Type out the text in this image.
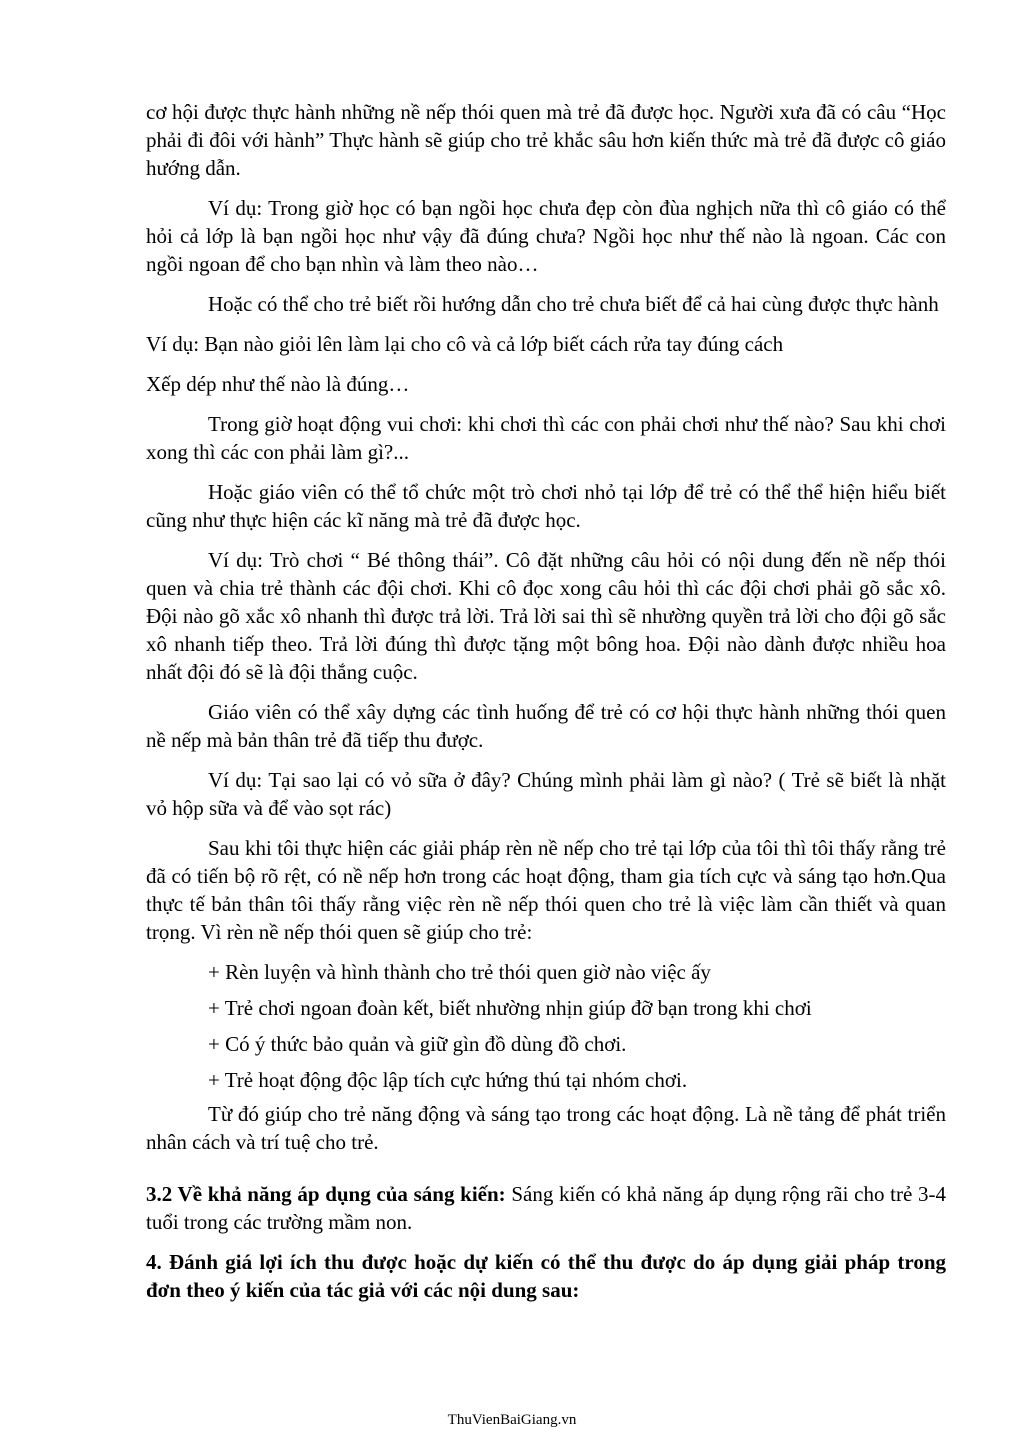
cơ hội được thực hành những nề nếp thói quen mà trẻ đã được học. Người xưa đã có câu “Học phải đi đôi với hành” Thực hành sẽ giúp cho trẻ khắc sâu hơn kiến thức mà trẻ đã được cô giáo hướng dẫn.

Ví dụ: Trong giờ học có bạn ngồi học chưa đẹp còn đùa nghịch nữa thì cô giáo có thể hỏi cả lớp là bạn ngồi học như vậy đã đúng chưa? Ngồi học như thế nào là ngoan. Các con ngồi ngoan để cho bạn nhìn và làm theo nào…

Hoặc có thể cho trẻ biết rồi hướng dẫn cho trẻ chưa biết để cả hai cùng được thực hành

Ví dụ: Bạn nào giỏi lên làm lại cho cô và cả lớp biết cách rửa tay đúng cách

Xếp dép như thế nào là đúng…

Trong giờ hoạt động vui chơi: khi chơi thì các con phải chơi như thế nào? Sau khi chơi xong thì các con phải làm gì?...

Hoặc giáo viên có thể tổ chức một trò chơi nhỏ tại lớp để trẻ có thể thể hiện hiểu biết cũng như thực hiện các kĩ năng mà trẻ đã được học.

Ví dụ: Trò chơi “ Bé thông thái”. Cô đặt những câu hỏi có nội dung đến nề nếp thói quen và chia trẻ thành các đội chơi. Khi cô đọc xong câu hỏi thì các đội chơi phải gõ sắc xô. Đội nào gõ xắc xô nhanh thì được trả lời. Trả lời sai thì sẽ nhường quyền trả lời cho đội gõ sắc xô nhanh tiếp theo. Trả lời đúng thì được tặng một bông hoa. Đội nào dành được nhiều hoa nhất đội đó sẽ là đội thắng cuộc.

Giáo viên có thể xây dựng các tình huống để trẻ có cơ hội thực hành những thói quen nề nếp mà bản thân trẻ đã tiếp thu được.

Ví dụ: Tại sao lại có vỏ sữa ở đây? Chúng mình phải làm gì nào? ( Trẻ sẽ biết là nhặt vỏ hộp sữa và để vào sọt rác)

Sau khi tôi thực hiện các giải pháp rèn nề nếp cho trẻ tại lớp của tôi thì tôi thấy rằng trẻ đã có tiến bộ rõ rệt, có nề nếp hơn trong các hoạt động, tham gia tích cực và sáng tạo hơn.Qua thực tế bản thân tôi thấy rằng việc rèn nề nếp thói quen cho trẻ là việc làm cần thiết và quan trọng. Vì rèn nề nếp thói quen sẽ giúp cho trẻ:

+ Rèn luyện và hình thành cho trẻ thói quen giờ nào việc ấy

+ Trẻ chơi ngoan đoàn kết, biết nhường nhịn giúp đỡ bạn trong khi chơi

+ Có ý thức bảo quản và giữ gìn đồ dùng đồ chơi.

+ Trẻ hoạt động độc lập tích cực hứng thú tại nhóm chơi.

Từ đó giúp cho trẻ năng động và sáng tạo trong các hoạt động. Là nề tảng để phát triển nhân cách và trí tuệ cho trẻ.

3.2 Về khả năng áp dụng của sáng kiến: Sáng kiến có khả năng áp dụng rộng rãi cho trẻ 3-4 tuổi trong các trường mầm non.

4. Đánh giá lợi ích thu được hoặc dự kiến có thể thu được do áp dụng giải pháp trong đơn theo ý kiến của tác giả với các nội dung sau:

ThuVienBaiGiang.vn
